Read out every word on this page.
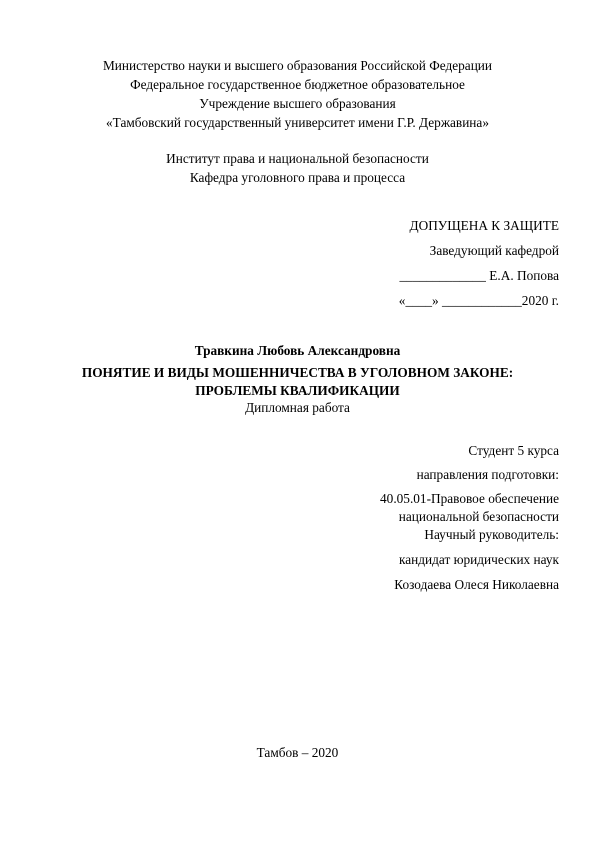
Министерство науки и высшего образования Российской Федерации
Федеральное государственное бюджетное образовательное
Учреждение высшего образования
«Тамбовский государственный университет имени Г.Р. Державина»
Институт права и национальной безопасности
Кафедра уголовного права и процесса
ДОПУЩЕНА К ЗАЩИТЕ
Заведующий кафедрой
_____________ Е.А. Попова
«____» ____________2020 г.
Травкина Любовь Александровна
ПОНЯТИЕ И ВИДЫ МОШЕННИЧЕСТВА В УГОЛОВНОМ ЗАКОНЕ:
ПРОБЛЕМЫ КВАЛИФИКАЦИИ
Дипломная работа
Студент 5 курса
направления подготовки:
40.05.01-Правовое обеспечение
национальной безопасности
Научный руководитель:
кандидат юридических наук
Козодаева Олеся Николаевна
Тамбов – 2020
